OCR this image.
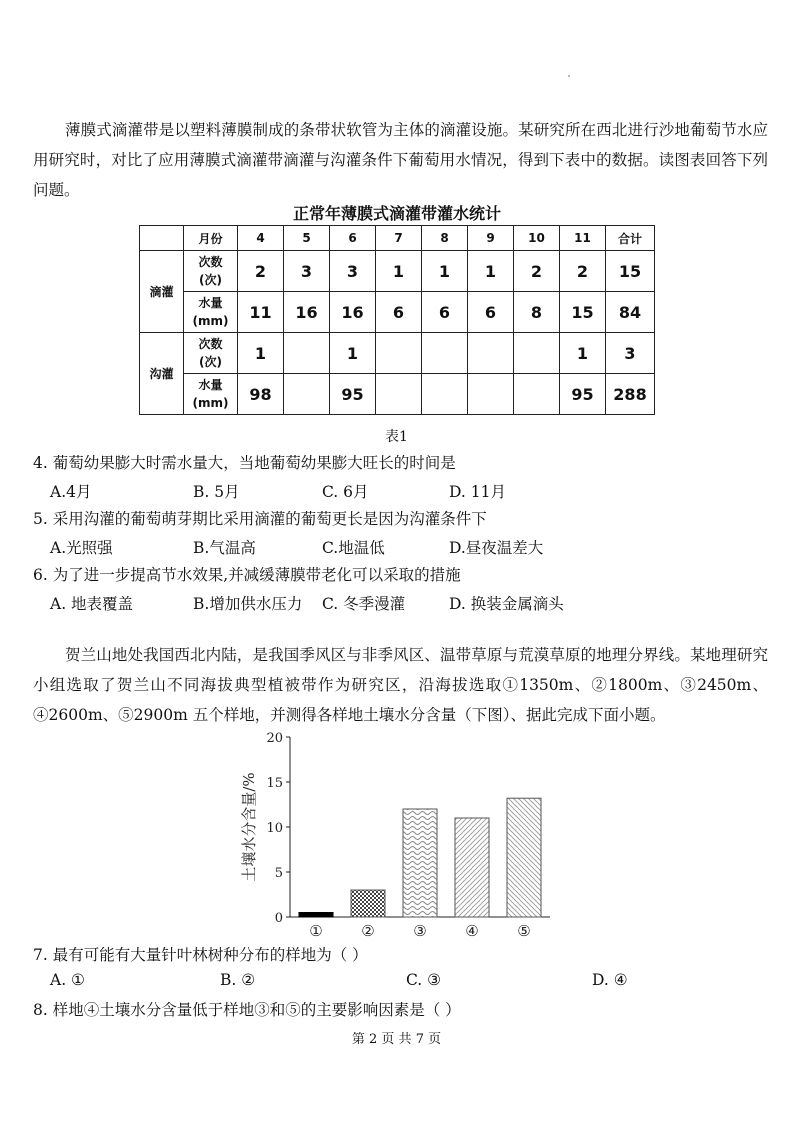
薄膜式滴灌带是以塑料薄膜制成的条带状软管为主体的滴灌设施。某研究所在西北进行沙地葡萄节水应用研究时，对比了应用薄膜式滴灌带滴灌与沟灌条件下葡萄用水情况，得到下表中的数据。读图表回答下列问题。

正常年薄膜式滴灌带灌水统计
	月份	4	5	6	7	8	9	10	11	合计
滴灌	次数
(次)	2	3	3	1	1	1	2	2	15
	水量
(mm)	11	16	16	6	6	6	8	15	84
沟灌	次数
(次)	1		1					1	3
	水量
(mm)	98		95					95	288
表1

4. 葡萄幼果膨大时需水量大，当地葡萄幼果膨大旺长的时间是

A.4月	B. 5月	C. 6月	D. 11月

5. 采用沟灌的葡萄萌芽期比采用滴灌的葡萄更长是因为沟灌条件下

A.光照强	B.气温高	C.地温低	D.昼夜温差大

6. 为了进一步提高节水效果,并减缓薄膜带老化可以采取的措施

A. 地表覆盖	B.增加供水压力 C. 冬季漫灌	D. 换装金属滴头

贺兰山地处我国西北内陆，是我国季风区与非季风区、温带草原与荒漠草原的地理分界线。某地理研究小组选取了贺兰山不同海拔典型植被带作为研究区，沿海拔选取①1350m、②1800m、③2450m、④2600m、⑤2900m 五个样地，并测得各样地土壤水分含量（下图）、据此完成下面小题。

土壤水分含量/%
0
5
10
15
20
①	②	③	④	⑤

7. 最有可能有大量针叶林树种分布的样地为（ ）

A. ①	B. ②	C. ③	D. ④

8. 样地④土壤水分含量低于样地③和⑤的主要影响因素是（ ）

第 2 页 共 7 页
